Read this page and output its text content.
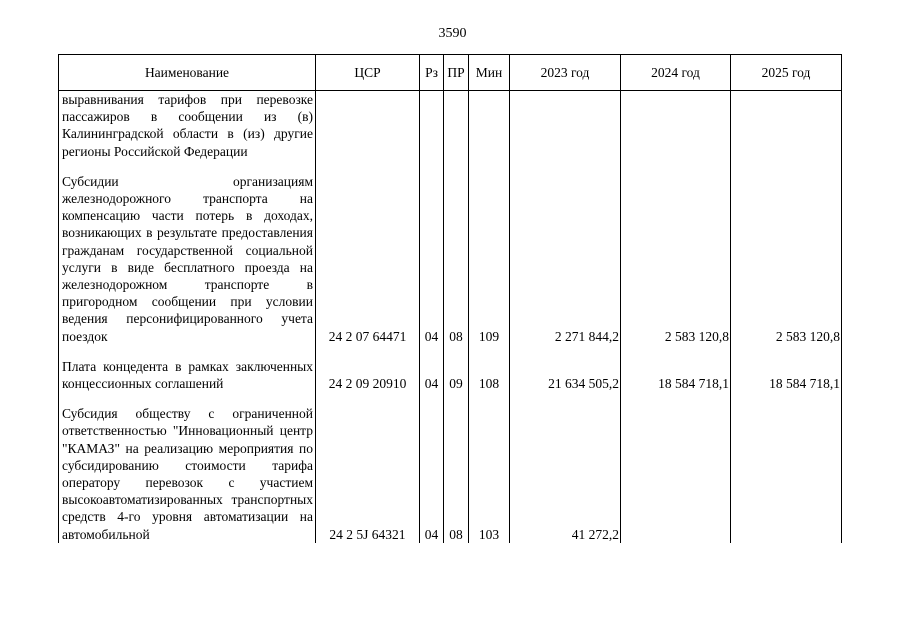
3590
Наименование	ЦСР	Рз	ПР	Мин	2023 год	2024 год	2025 год
выравнивания тарифов при перевозке пассажиров в сообщении из (в) Калининградской области в (из) другие регионы Российской Федерации							

Субсидии организациям железнодорожного транспорта на компенсацию части потерь в доходах, возникающих в результате предоставления гражданам государственной социальной услуги в виде бесплатного проезда на железнодорожном транспорте в пригородном сообщении при условии ведения персонифицированного учета поездок	24 2 07 64471	04	08	109	2 271 844,2	2 583 120,8	2 583 120,8

Плата концедента в рамках заключенных концессионных соглашений	24 2 09 20910	04	09	108	21 634 505,2	18 584 718,1	18 584 718,1

Субсидия обществу с ограниченной ответственностью "Инновационный центр "КАМАЗ" на реализацию мероприятия по субсидированию стоимости тарифа оператору перевозок с участием высокоавтоматизированных транспортных средств 4-го уровня автоматизации на автомобильной	24 2 5J 64321	04	08	103	41 272,2		
